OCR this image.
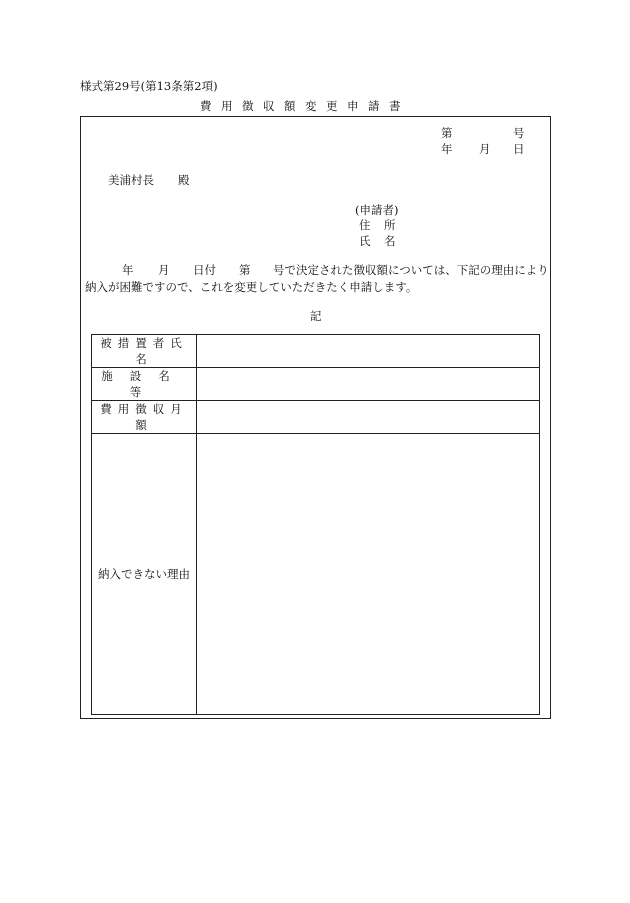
様式第29号(第13条第2項)
費用徴収額変更申請書
第	号
年 月 日
美浦村長 殿
(申請者)
住 所
氏 名
年 月 日付 第 号で決定された徴収額については、下記の理由により
納入が困難ですので、これを変更していただきたく申請します。
記
被措置者氏名	
施設名等	
費用徴収月額	
納入できない理由	
